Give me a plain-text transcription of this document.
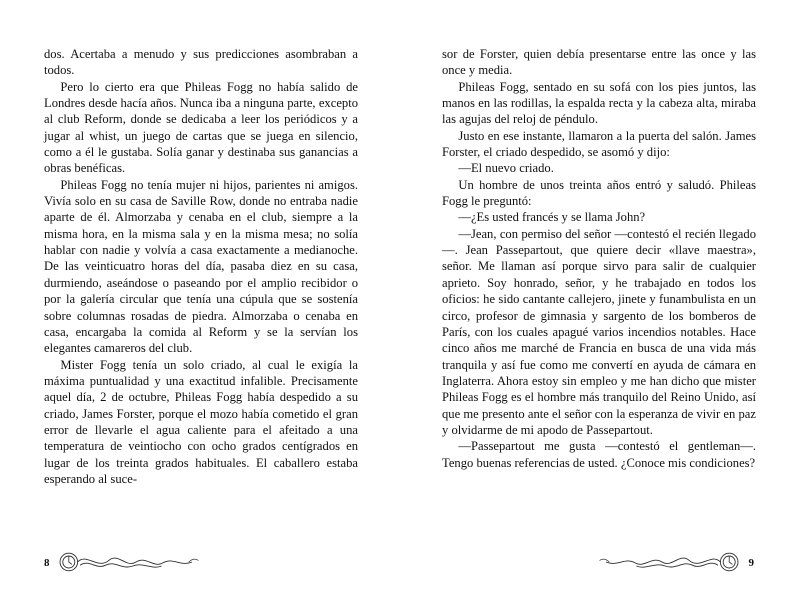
dos. Acertaba a menudo y sus predicciones asombraban a todos.

Pero lo cierto era que Phileas Fogg no había salido de Londres desde hacía años. Nunca iba a ninguna parte, excepto al club Reform, donde se dedicaba a leer los periódicos y a jugar al whist, un juego de cartas que se juega en silencio, como a él le gustaba. Solía ganar y destinaba sus ganancias a obras benéficas.

Phileas Fogg no tenía mujer ni hijos, parientes ni amigos. Vivía solo en su casa de Saville Row, donde no entraba nadie aparte de él. Almorzaba y cenaba en el club, siempre a la misma hora, en la misma sala y en la misma mesa; no solía hablar con nadie y volvía a casa exactamente a medianoche. De las veinticuatro horas del día, pasaba diez en su casa, durmiendo, aseándose o paseando por el amplio recibidor o por la galería circular que tenía una cúpula que se sostenía sobre columnas rosadas de piedra. Almorzaba o cenaba en casa, encargaba la comida al Reform y se la servían los elegantes camareros del club.

Mister Fogg tenía un solo criado, al cual le exigía la máxima puntualidad y una exactitud infalible. Precisamente aquel día, 2 de octubre, Phileas Fogg había despedido a su criado, James Forster, porque el mozo había cometido el gran error de llevarle el agua caliente para el afeitado a una temperatura de veintiocho con ocho grados centígrados en lugar de los treinta grados habituales. El caballero estaba esperando al suce-

8

sor de Forster, quien debía presentarse entre las once y las once y media.

Phileas Fogg, sentado en su sofá con los pies juntos, las manos en las rodillas, la espalda recta y la cabeza alta, miraba las agujas del reloj de péndulo.

Justo en ese instante, llamaron a la puerta del salón. James Forster, el criado despedido, se asomó y dijo:

—El nuevo criado.

Un hombre de unos treinta años entró y saludó. Phileas Fogg le preguntó:

—¿Es usted francés y se llama John?

—Jean, con permiso del señor —contestó el recién llegado—. Jean Passepartout, que quiere decir «llave maestra», señor. Me llaman así porque sirvo para salir de cualquier aprieto. Soy honrado, señor, y he trabajado en todos los oficios: he sido cantante callejero, jinete y funambulista en un circo, profesor de gimnasia y sargento de los bomberos de París, con los cuales apagué varios incendios notables. Hace cinco años me marché de Francia en busca de una vida más tranquila y así fue como me convertí en ayuda de cámara en Inglaterra. Ahora estoy sin empleo y me han dicho que mister Phileas Fogg es el hombre más tranquilo del Reino Unido, así que me presento ante el señor con la esperanza de vivir en paz y olvidarme de mi apodo de Passepartout.

—Passepartout me gusta —contestó el gentleman—. Tengo buenas referencias de usted. ¿Conoce mis condiciones?

9
